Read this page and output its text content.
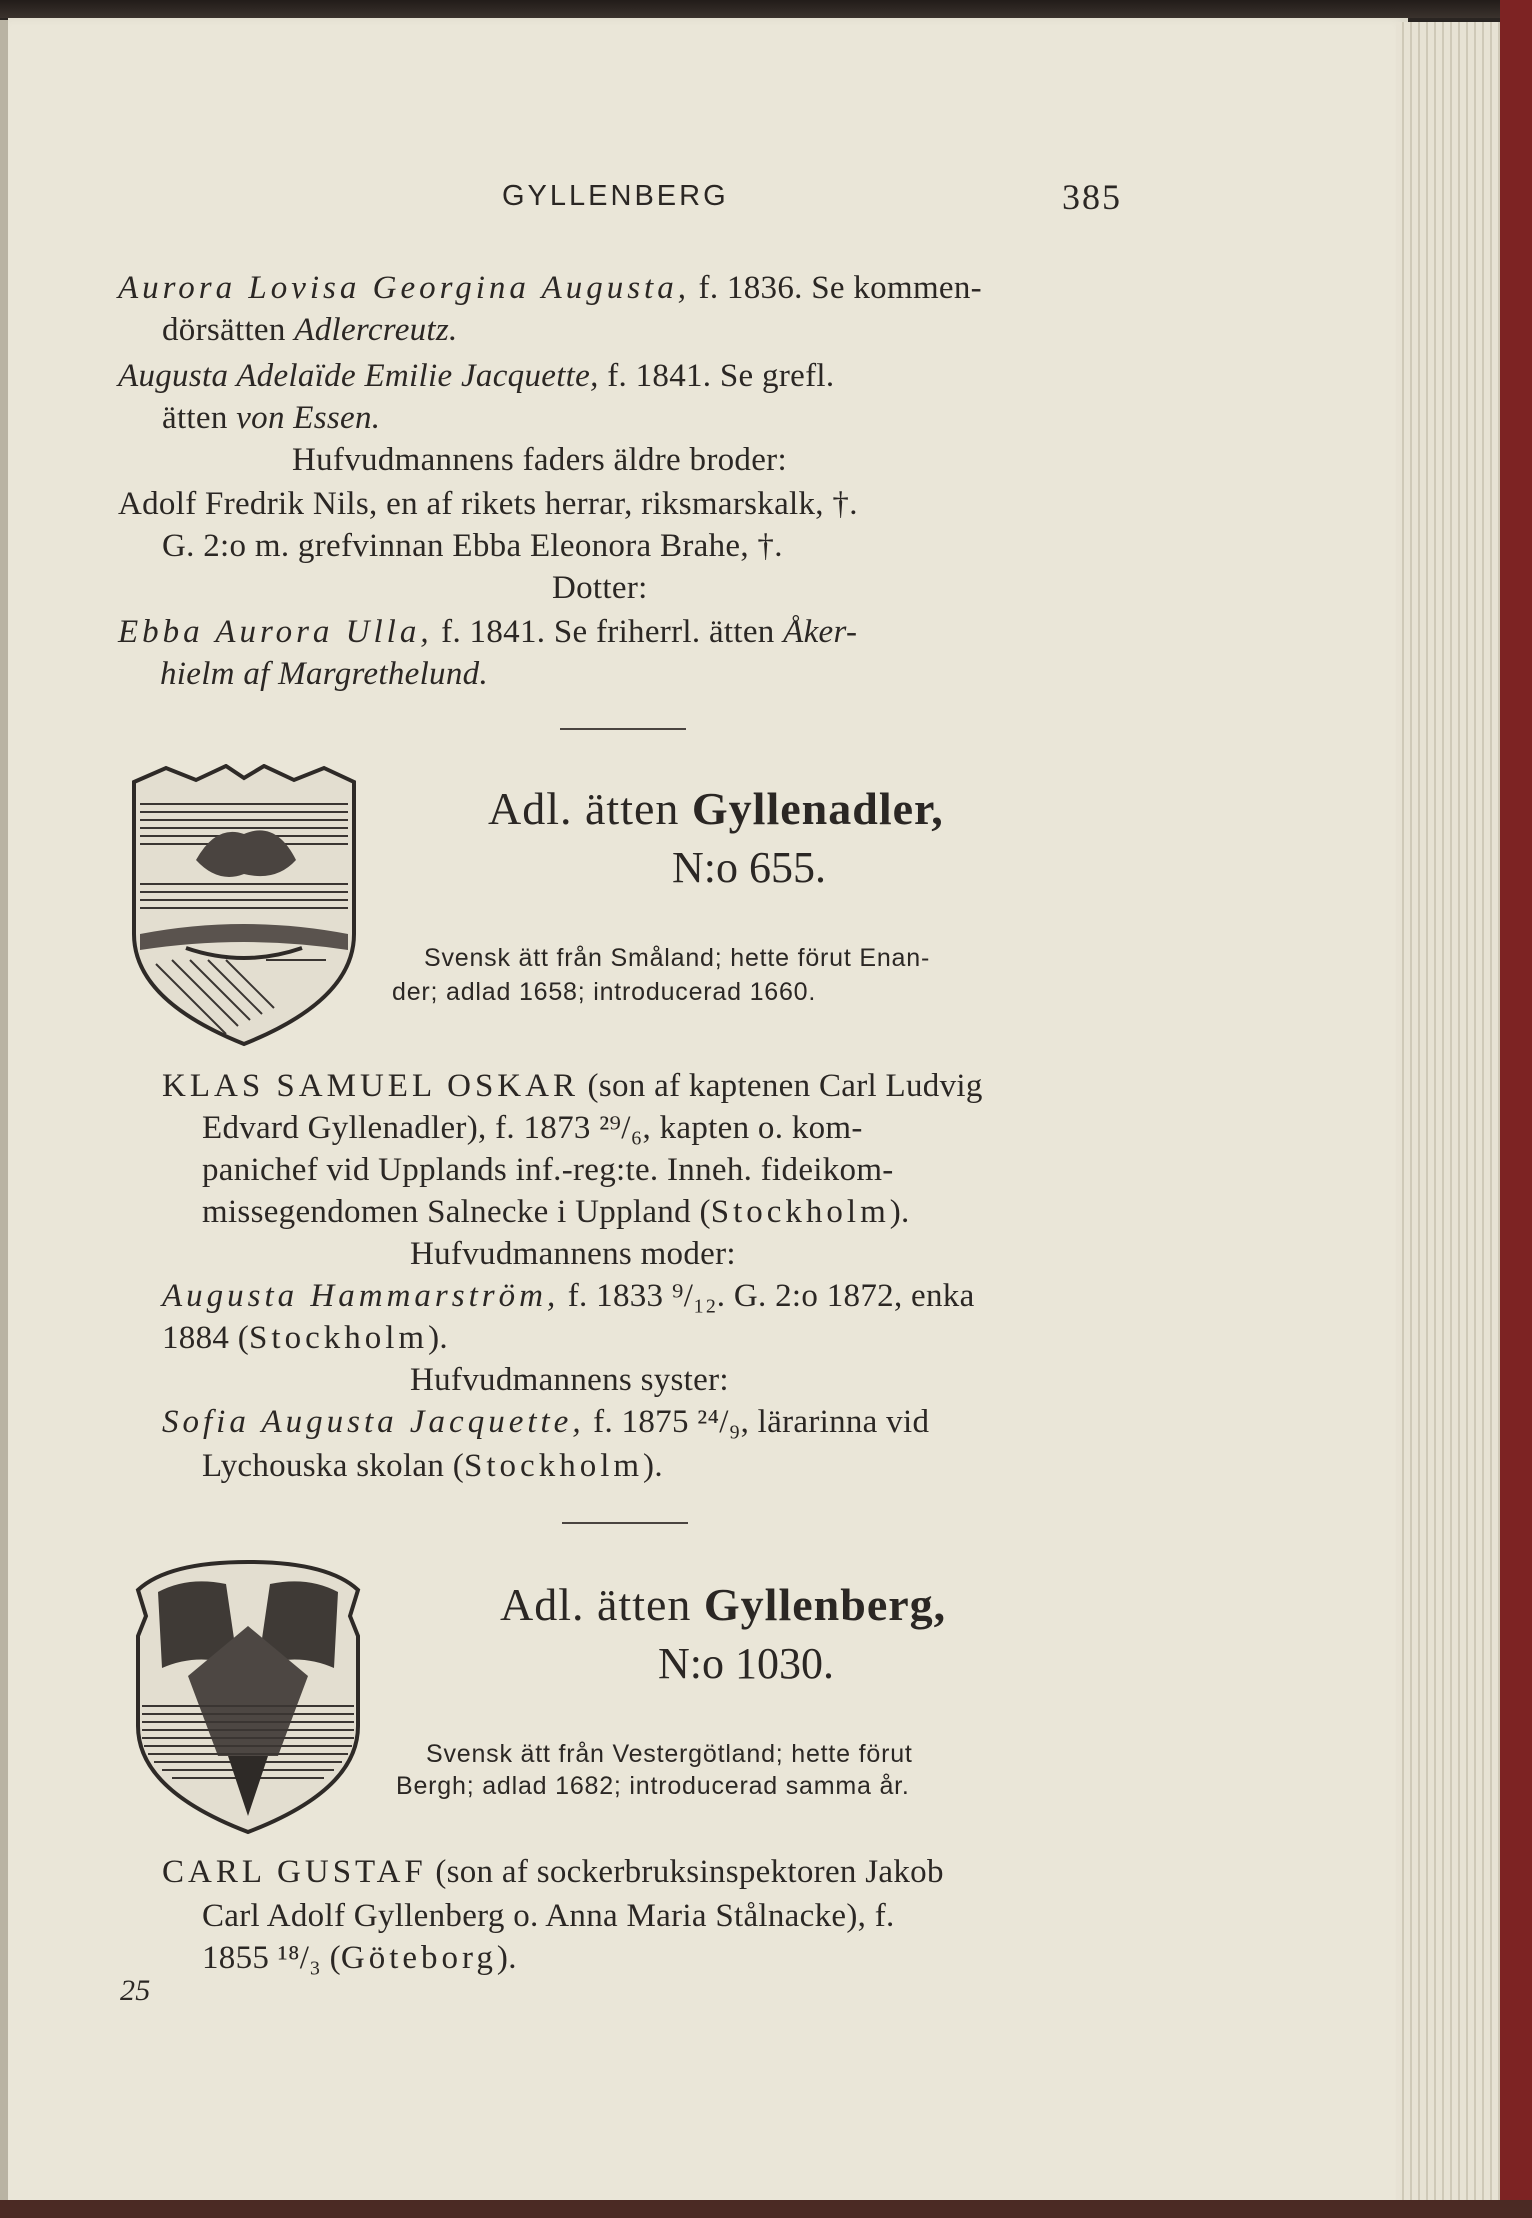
GYLLENBERG	385
Aurora Lovisa Georgina Augusta, f. 1836. Se kommen-
dörsätten Adlercreutz.
Augusta Adelaïde Emilie Jacquette, f. 1841. Se grefl.
ätten von Essen.
Hufvudmannens faders äldre broder:
Adolf Fredrik Nils, en af rikets herrar, riksmarskalk, †.
G. 2:o m. grefvinnan Ebba Eleonora Brahe, †.
Dotter:
Ebba Aurora Ulla, f. 1841. Se friherrl. ätten Åker-
hielm af Margrethelund.
Adl. ätten Gyllenadler,
N:o 655.
Svensk ätt från Småland; hette förut Enan-
der; adlad 1658; introducerad 1660.
KLAS SAMUEL OSKAR (son af kaptenen Carl Ludvig
Edvard Gyllenadler), f. 1873 ²⁹/₆, kapten o. kom-
panichef vid Upplands inf.-reg:te. Inneh. fideikom-
missegendomen Salnecke i Uppland (Stockholm).
Hufvudmannens moder:
Augusta Hammarström, f. 1833 ⁹/₁₂. G. 2:o 1872, enka
1884 (Stockholm).
Hufvudmannens syster:
Sofia Augusta Jacquette, f. 1875 ²⁴/₉, lärarinna vid
Lychouska skolan (Stockholm).
Adl. ätten Gyllenberg,
N:o 1030.
Svensk ätt från Vestergötland; hette förut
Bergh; adlad 1682; introducerad samma år.
CARL GUSTAF (son af sockerbruksinspektoren Jakob
Carl Adolf Gyllenberg o. Anna Maria Stålnacke), f.
1855 ¹⁸/₃ (Göteborg).
25
